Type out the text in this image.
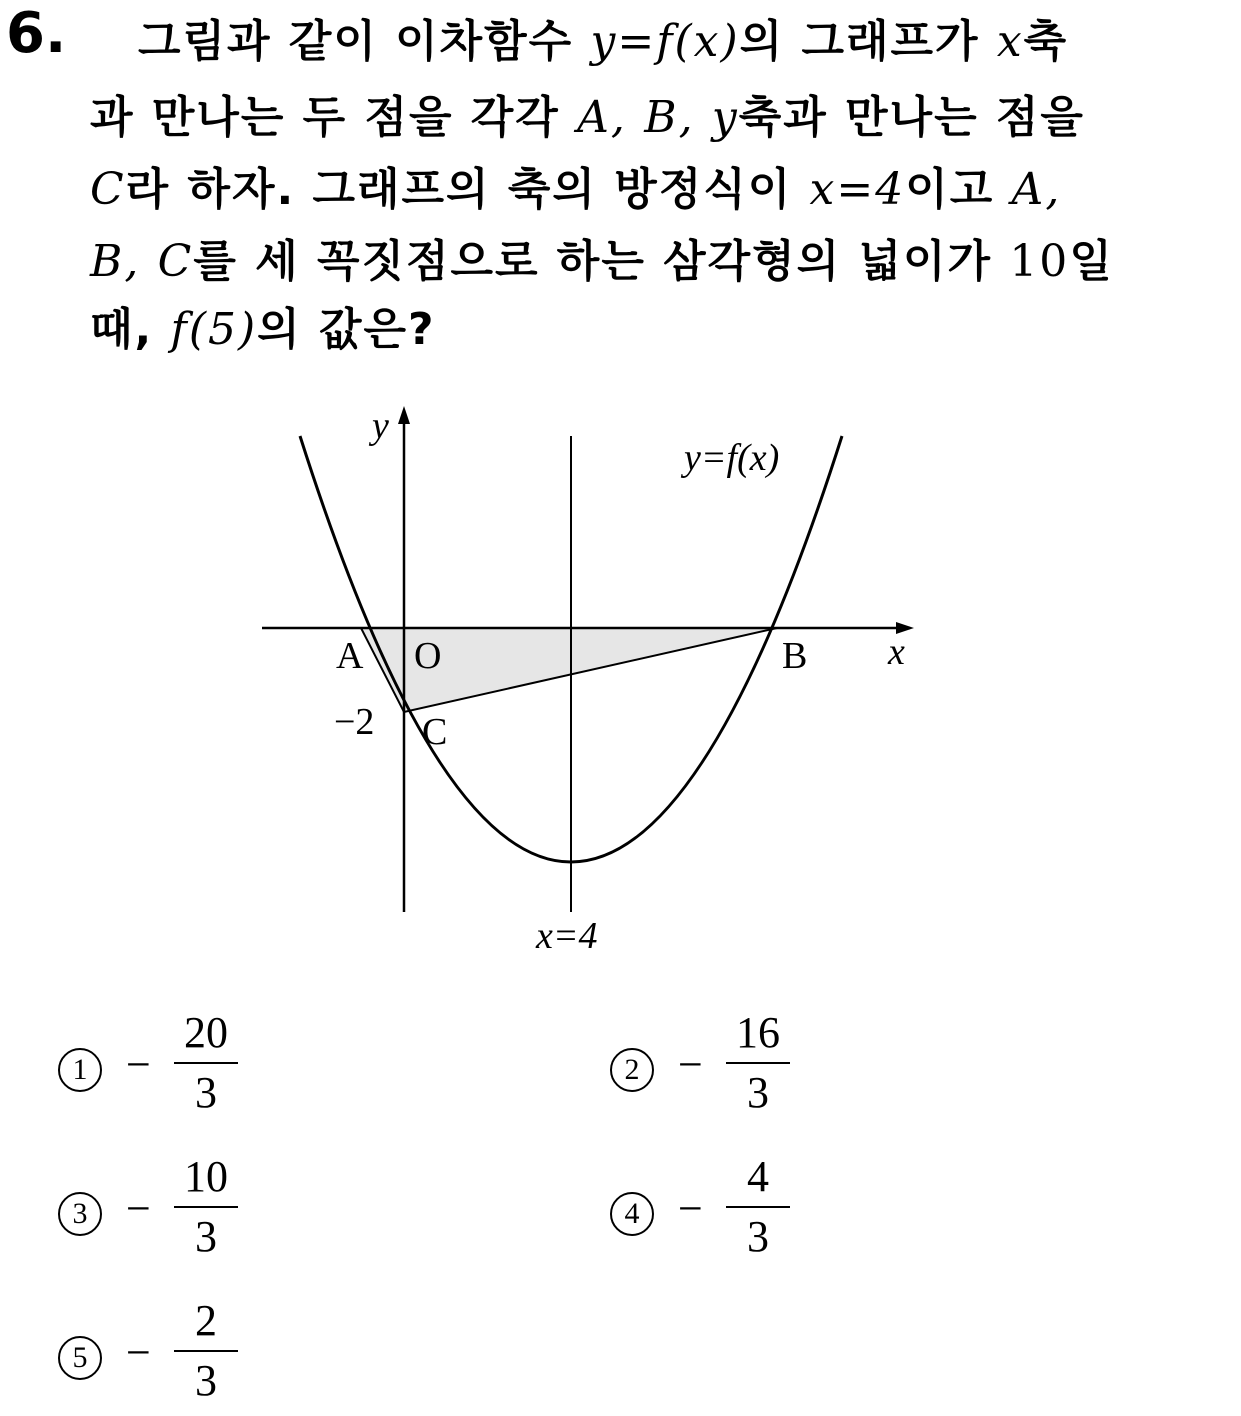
6. 그림과 같이 이차함수 y=f(x)의 그래프가 x축
과 만나는 두 점을 각각 A, B, y축과 만나는 점을
C라 하자. 그래프의 축의 방정식이 x=4이고 A,
B, C를 세 꼭짓점으로 하는 삼각형의 넓이가 10일
때, f(5)의 값은?
y
x
y=f(x)
A O	B
C
−2
x=4
1 −
20
3	2 −
16
3
3 −
10
3	4 −
4
3
5 −
2
3
